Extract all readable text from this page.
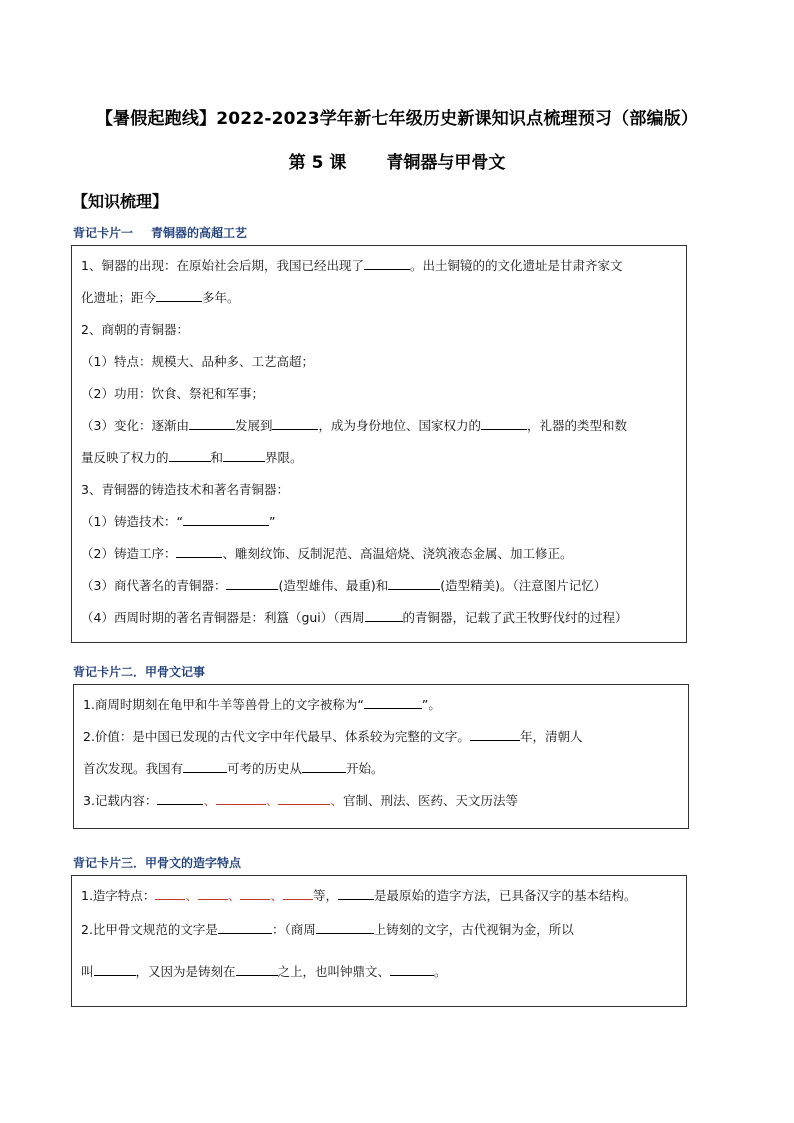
【暑假起跑线】2022-2023学年新七年级历史新课知识点梳理预习（部编版）
第 5 课 青铜器与甲骨文
【知识梳理】
背记卡片一 青铜器的高超工艺
1、铜器的出现：在原始社会后期，我国已经出现了	。出土铜镜的的文化遗址是甘肃齐家文
化遗址；距今	多年。
2、商朝的青铜器：
（1）特点：规模大、品种多、工艺高超；
（2）功用：饮食、祭祀和军事；
（3）变化：逐渐由	发展到	，成为身份地位、国家权力的	，礼器的类型和数
量反映了权力的	和	界限。
3、青铜器的铸造技术和著名青铜器：
（1）铸造技术：“	”
（2）铸造工序：	、雕刻纹饰、反制泥范、高温焙烧、浇筑液态金属、加工修正。
（3）商代著名的青铜器：	(造型雄伟、最重)和	(造型精美)。（注意图片记忆）
（4）西周时期的著名青铜器是：利簋（gui）（西周	的青铜器，记载了武王牧野伐纣的过程）
背记卡片二．甲骨文记事
1.商周时期刻在龟甲和牛羊等兽骨上的文字被称为“	”。
2.价值：是中国已发现的古代文字中年代最早、体系较为完整的文字。	年，清朝人
首次发现。我国有	可考的历史从	开始。
3.记载内容：	、	、	、官制、刑法、医药、天文历法等
背记卡片三．甲骨文的造字特点
1.造字特点： 、 、 、 等，	是最原始的造字方法，已具备汉字的基本结构。
2.比甲骨文规范的文字是	：（商周	上铸刻的文字，古代视铜为金，所以
叫	，又因为是铸刻在	之上，也叫钟鼎文、	。
